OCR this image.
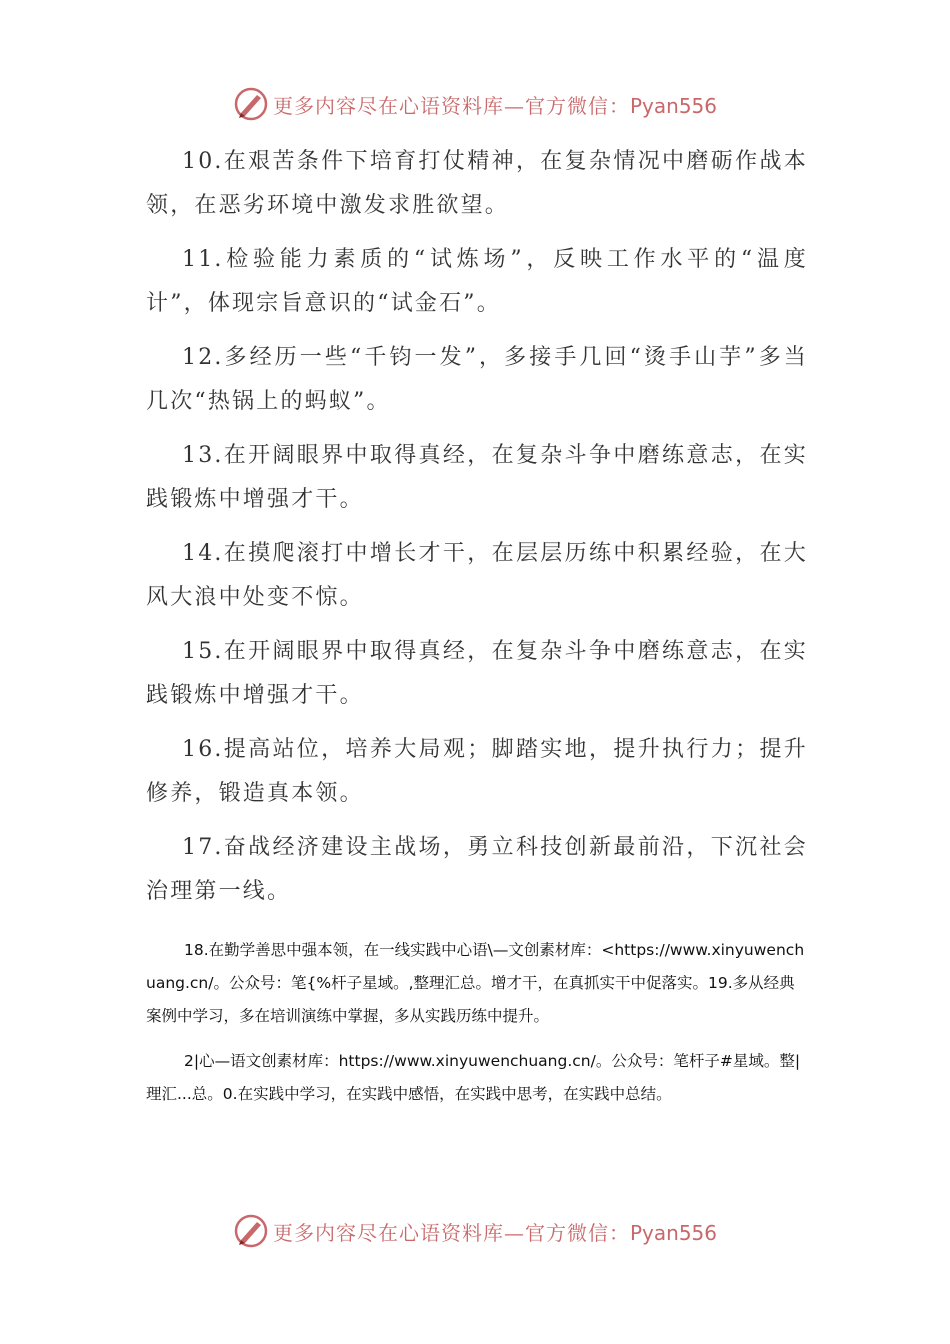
更多内容尽在心语资料库—官方微信：Pyan556

10.在艰苦条件下培育打仗精神，在复杂情况中磨砺作战本领，在恶劣环境中激发求胜欲望。

11.检验能力素质的“试炼场”，反映工作水平的“温度计”，体现宗旨意识的“试金石”。

12.多经历一些“千钧一发”，多接手几回“烫手山芋”多当几次“热锅上的蚂蚁”。

13.在开阔眼界中取得真经，在复杂斗争中磨练意志，在实践锻炼中增强才干。

14.在摸爬滚打中增长才干，在层层历练中积累经验，在大风大浪中处变不惊。

15.在开阔眼界中取得真经，在复杂斗争中磨练意志，在实践锻炼中增强才干。

16.提高站位，培养大局观；脚踏实地，提升执行力；提升修养，锻造真本领。

17.奋战经济建设主战场，勇立科技创新最前沿，下沉社会治理第一线。

18.在勤学善思中强本领，在一线实践中心语\—文创素材库：<https://www.xinyuwenchuang.cn/。公众号：笔{%杆子星域。,整理汇总。增才干，在真抓实干中促落实。19.多从经典案例中学习，多在培训演练中掌握，多从实践历练中提升。

2|心—语文创素材库：https://www.xinyuwenchuang.cn/。公众号：笔杆子#星域。整|理汇...总。0.在实践中学习，在实践中感悟，在实践中思考，在实践中总结。

更多内容尽在心语资料库—官方微信：Pyan556
